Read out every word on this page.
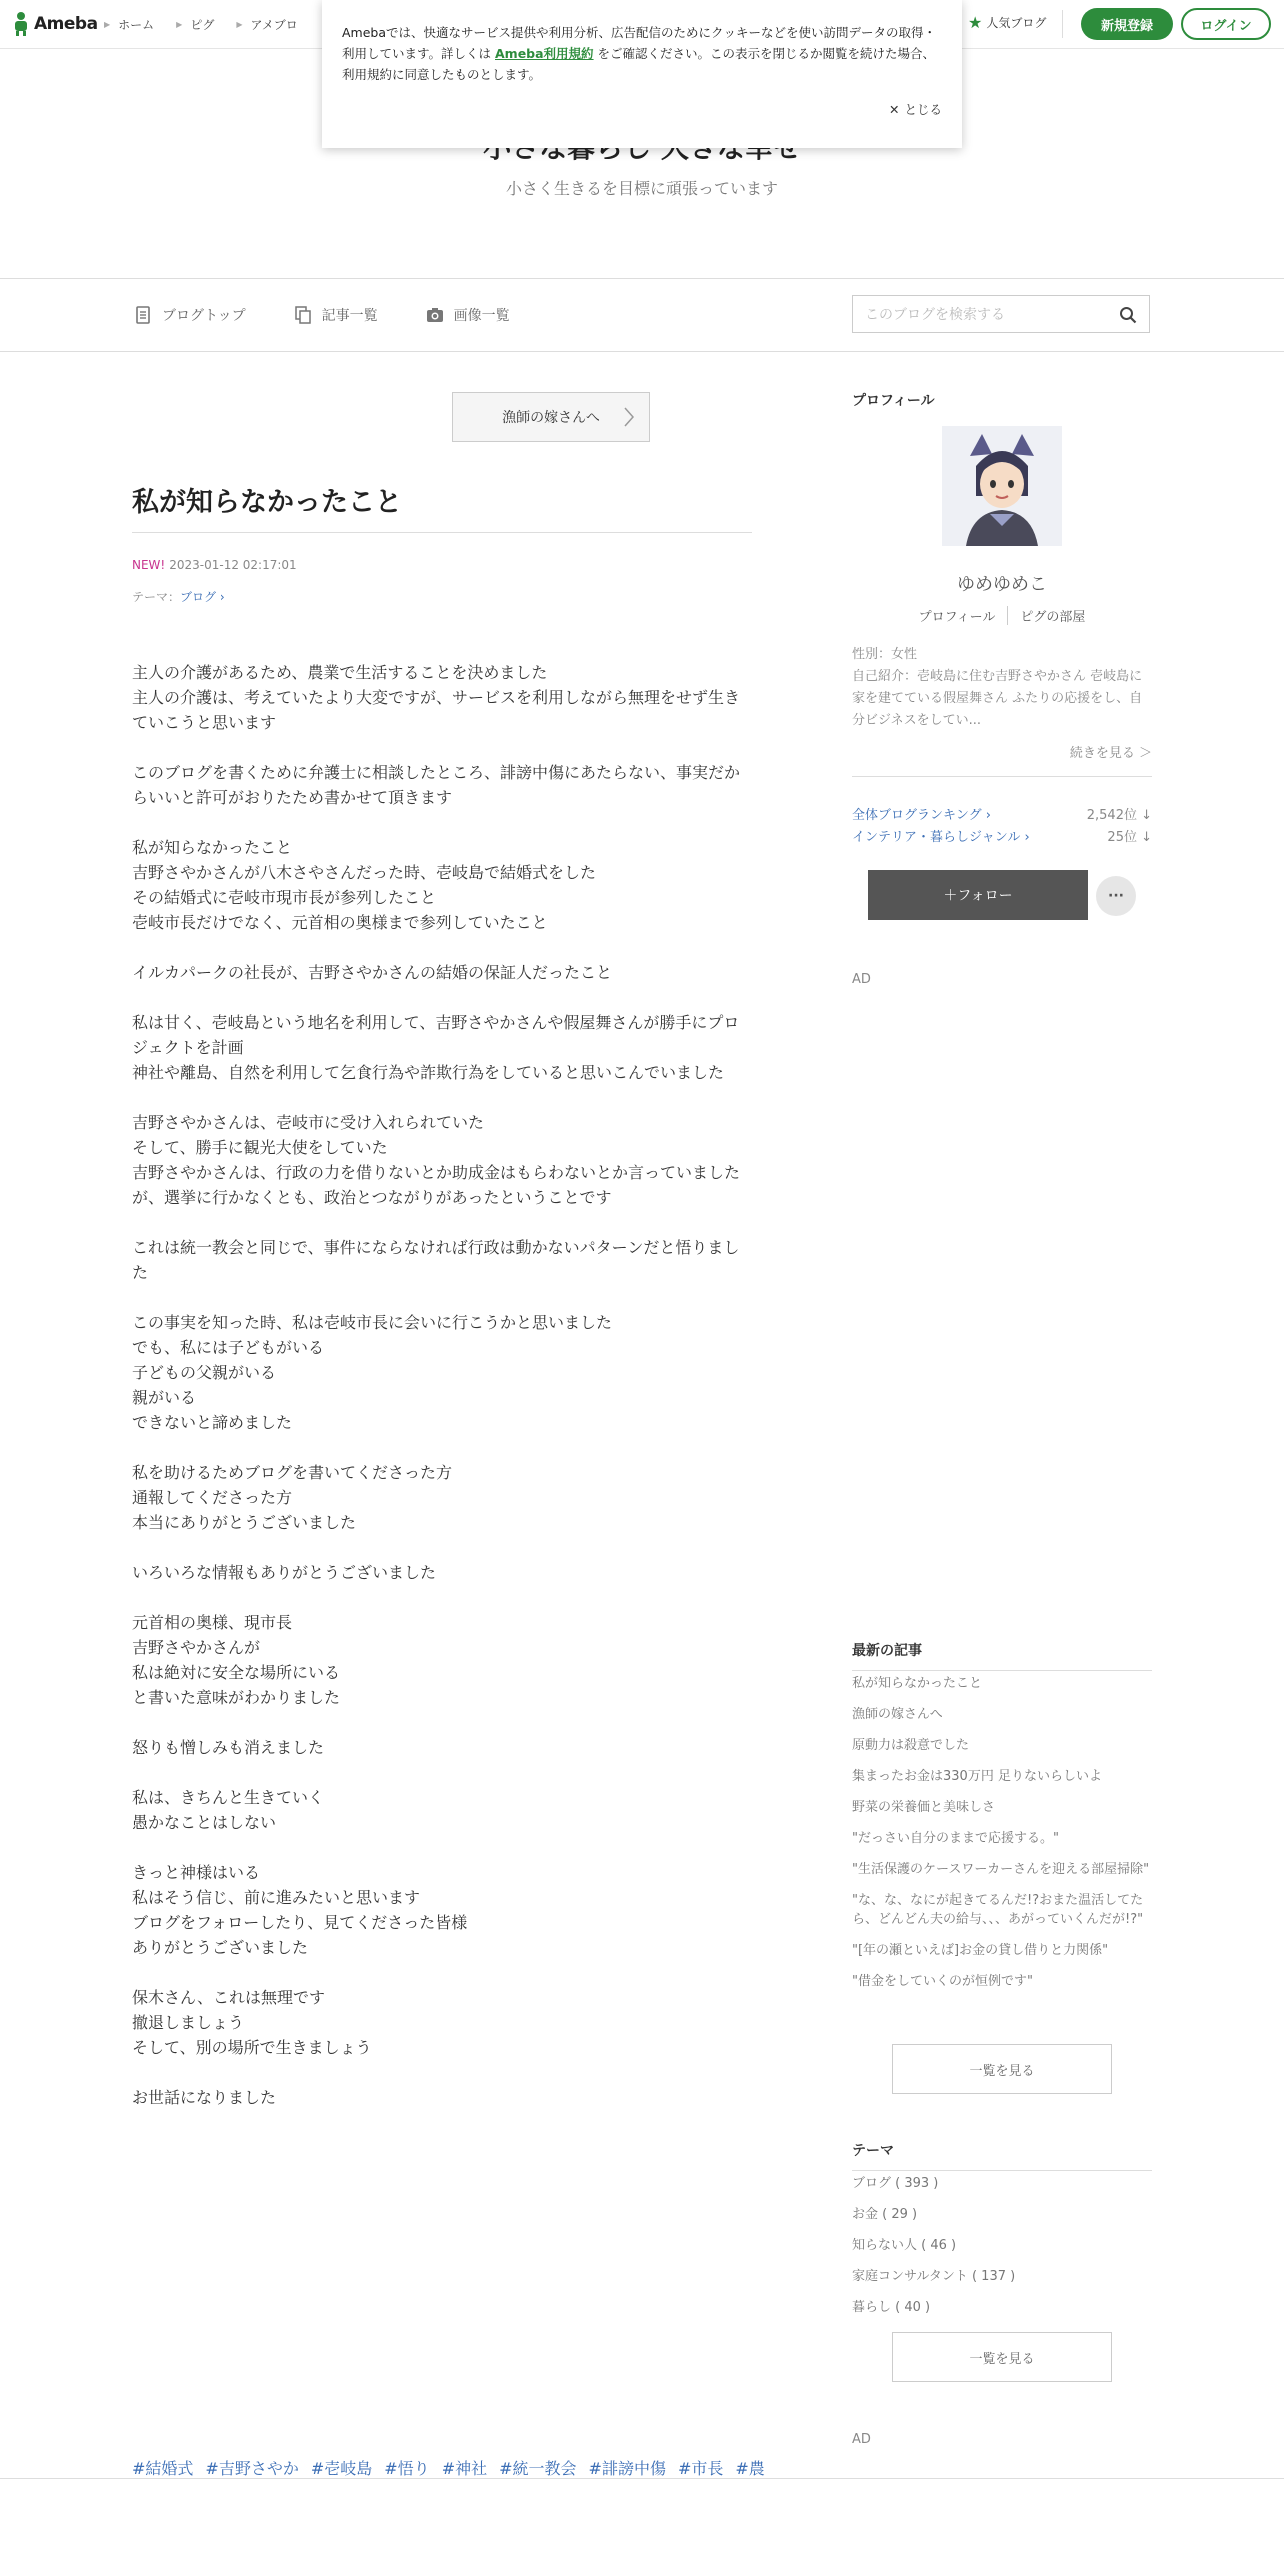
Ameba ▶ ホーム	▶ ピグ	▶ アメブロ	★ 人気ブログ	新規登録	ログイン

Amebaでは、快適なサービス提供や利用分析、広告配信のためにクッキーなどを使い訪問データの取得・利用しています。詳しくは Ameba利用規約 をご確認ください。この表示を閉じるか閲覧を続けた場合、利用規約に同意したものとします。

✕ とじる
小さく生きるを目標に頑張っています
ブログトップ	記事一覧	画像一覧
このブログを検索する
漁師の嫁さんへ
私が知らなかったこと
NEW! 2023-01-12 02:17:01
テーマ：ブログ ›

主人の介護があるため、農業で生活することを決めました
主人の介護は、考えていたより大変ですが、サービスを利用しながら無理をせず生きていこうと思います

このブログを書くために弁護士に相談したところ、誹謗中傷にあたらない、事実だからいいと許可がおりたため書かせて頂きます

私が知らなかったこと
吉野さやかさんが八木さやさんだった時、壱岐島で結婚式をした
その結婚式に壱岐市現市長が参列したこと
壱岐市長だけでなく、元首相の奥様まで参列していたこと

イルカパークの社長が、吉野さやかさんの結婚の保証人だったこと

私は甘く、壱岐島という地名を利用して、吉野さやかさんや假屋舞さんが勝手にプロジェクトを計画
神社や離島、自然を利用して乞食行為や詐欺行為をしていると思いこんでいました

吉野さやかさんは、壱岐市に受け入れられていた
そして、勝手に観光大使をしていた
吉野さやかさんは、行政の力を借りないとか助成金はもらわないとか言っていましたが、選挙に行かなくとも、政治とつながりがあったということです

これは統一教会と同じで、事件にならなければ行政は動かないパターンだと悟りました

この事実を知った時、私は壱岐市長に会いに行こうかと思いました
でも、私には子どもがいる
子どもの父親がいる
親がいる
できないと諦めました

私を助けるためブログを書いてくださった方
通報してくださった方
本当にありがとうございました

いろいろな情報もありがとうございました

元首相の奥様、現市長
吉野さやかさんが
私は絶対に安全な場所にいる
と書いた意味がわかりました

怒りも憎しみも消えました

私は、きちんと生きていく
愚かなことはしない

きっと神様はいる
私はそう信じ、前に進みたいと思います
ブログをフォローしたり、見てくださった皆様
ありがとうございました

保木さん、これは無理です
撤退しましょう
そして、別の場所で生きましょう

お世話になりました

#結婚式 #吉野さやか #壱岐島 #悟り #神社 #統一教会 #誹謗中傷 #市長 #農
プロフィール
ゆめゆめこ
プロフィール	ピグの部屋
性別：女性
自己紹介：壱岐島に住む吉野さやかさん 壱岐島に家を建てている假屋舞さん ふたりの応援をし、自分ビジネスをしてい...
続きを見る ＞
全体ブログランキング ›	2,542位 ↓
インテリア・暮らしジャンル ›	25位 ↓
＋フォロー	···
AD
最新の記事
私が知らなかったこと
漁師の嫁さんへ
原動力は殺意でした
集まったお金は330万円 足りないらしいよ
野菜の栄養価と美味しさ
"だっさい自分のままで応援する。"
"生活保護のケースワーカーさんを迎える部屋掃除"
"な、な、なにが起きてるんだ!?おまた温活してたら、どんどん夫の給与、、、あがっていくんだが!?"
"[年の瀬といえば]お金の貸し借りと力関係"
"借金をしていくのが恒例です"
一覧を見る
テーマ
ブログ ( 393 )
お金 ( 29 )
知らない人 ( 46 )
家庭コンサルタント ( 137 )
暮らし ( 40 )
一覧を見る
AD
